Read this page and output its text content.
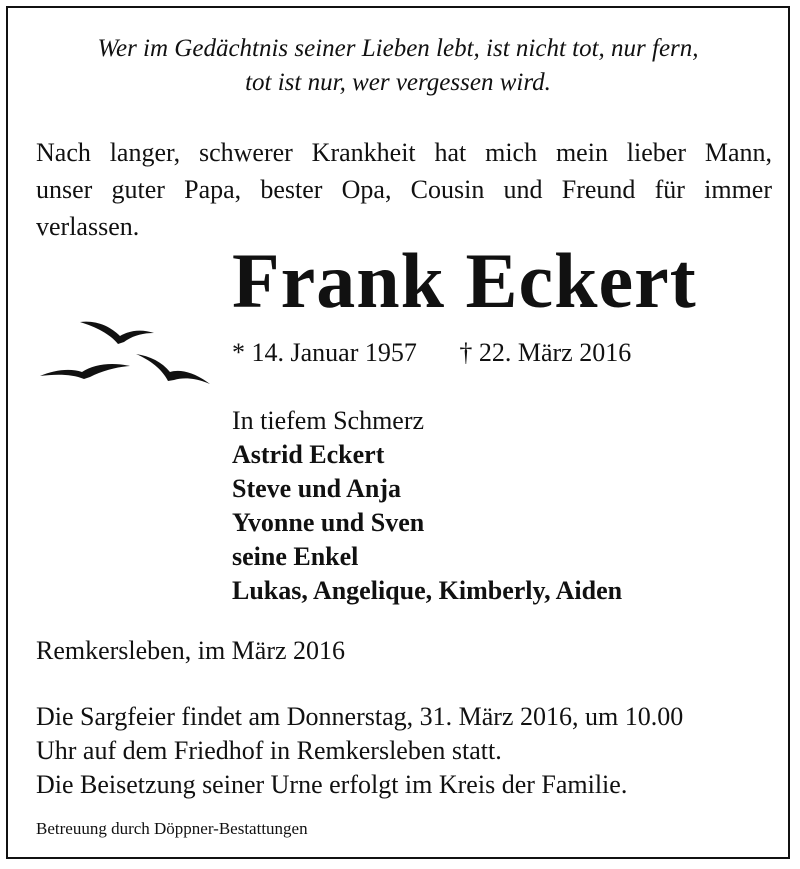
Wer im Gedächtnis seiner Lieben lebt, ist nicht tot, nur fern,
tot ist nur, wer vergessen wird.
Nach langer, schwerer Krankheit hat mich mein lieber Mann,
unser guter Papa, bester Opa, Cousin und Freund für immer
verlassen.
Frank Eckert
* 14. Januar 1957 † 22. März 2016
In tiefem Schmerz
Astrid Eckert
Steve und Anja
Yvonne und Sven
seine Enkel
Lukas, Angelique, Kimberly, Aiden
Remkersleben, im März 2016
Die Sargfeier findet am Donnerstag, 31. März 2016, um 10.00
Uhr auf dem Friedhof in Remkersleben statt.
Die Beisetzung seiner Urne erfolgt im Kreis der Familie.
Betreuung durch Döppner-Bestattungen
